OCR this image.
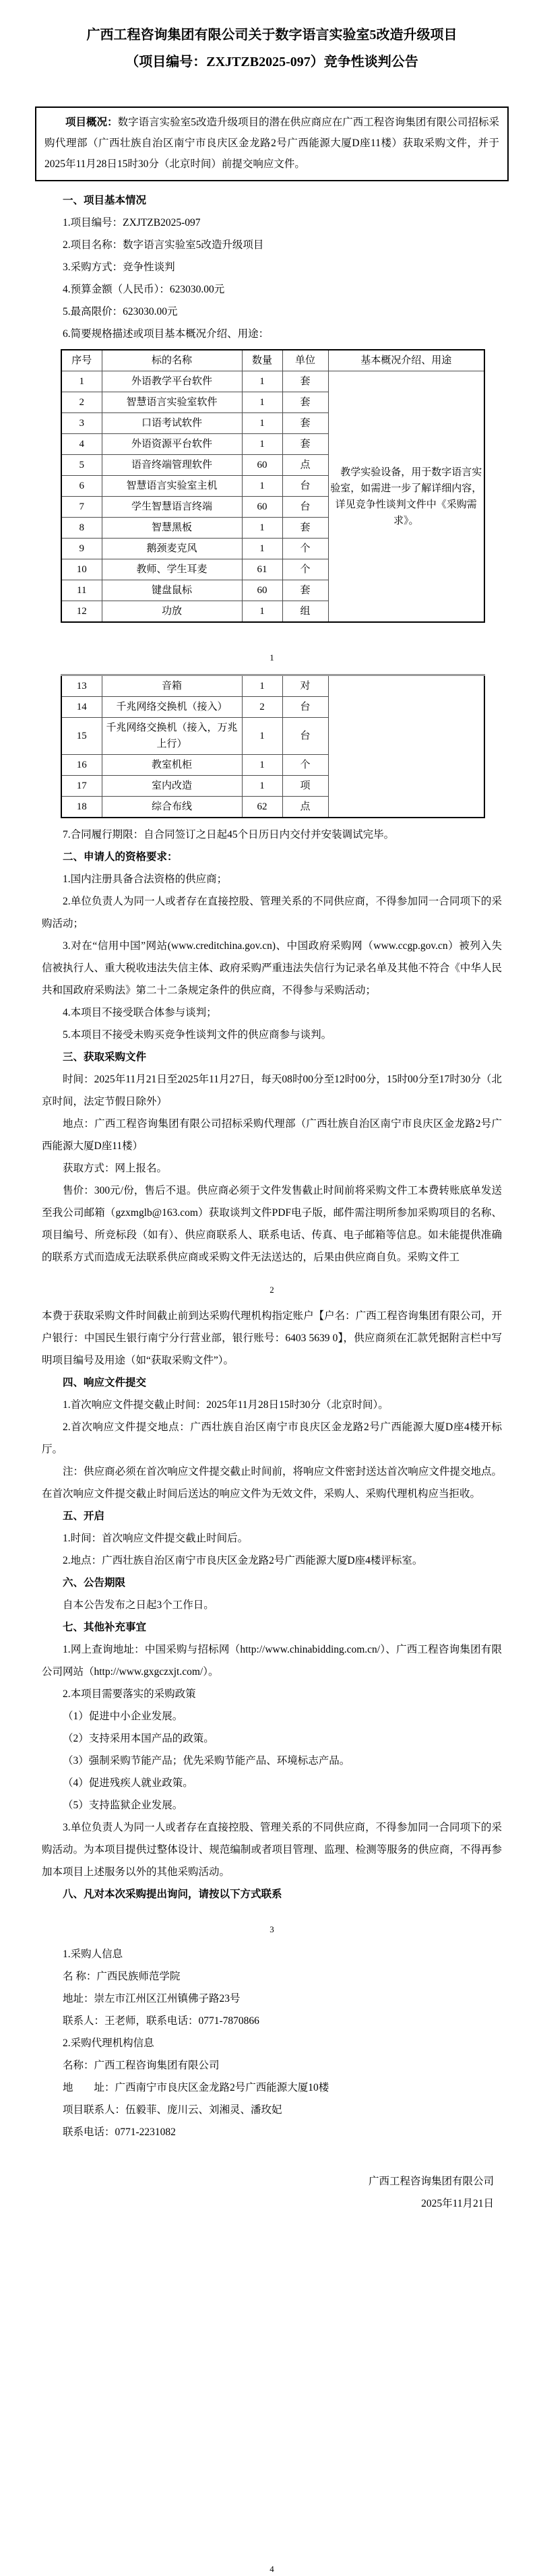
广西工程咨询集团有限公司关于数字语言实验室5改造升级项目
（项目编号：ZXJTZB2025-097）竞争性谈判公告

项目概况：数字语言实验室5改造升级项目的潜在供应商应在广西工程咨询集团有限公司招标采购代理部（广西壮族自治区南宁市良庆区金龙路2号广西能源大厦D座11楼）获取采购文件，并于2025年11月28日15时30分（北京时间）前提交响应文件。

一、项目基本情况

1.项目编号：ZXJTZB2025-097

2.项目名称：数字语言实验室5改造升级项目

3.采购方式：竞争性谈判

4.预算金额（人民币）：623030.00元

5.最高限价：623030.00元

6.简要规格描述或项目基本概况介绍、用途：

序号	标的名称	数量	单位	基本概况介绍、用途
1	外语教学平台软件	1	套	教学实验设备，用于数字语言实验室，如需进一步了解详细内容，详见竞争性谈判文件中《采购需求》。
2	智慧语言实验室软件	1	套	
3	口语考试软件	1	套	
4	外语资源平台软件	1	套	
5	语音终端管理软件	60	点	
6	智慧语言实验室主机	1	台	
7	学生智慧语言终端	60	台	
8	智慧黑板	1	套	
9	鹅颈麦克风	1	个	
10	教师、学生耳麦	61	个	
11	键盘鼠标	60	套	
12	功放	1	组	

1

13	音箱	1	对	
14	千兆网络交换机（接入）	2	台	
15	千兆网络交换机（接入，万兆上行）	1	台	
16	教室机柜	1	个	
17	室内改造	1	项	
18	综合布线	62	点	

7.合同履行期限：自合同签订之日起45个日历日内交付并安装调试完毕。

二、申请人的资格要求：

1.国内注册具备合法资格的供应商；

2.单位负责人为同一人或者存在直接控股、管理关系的不同供应商，不得参加同一合同项下的采购活动；

3.对在“信用中国”网站(www.creditchina.gov.cn)、中国政府采购网（www.ccgp.gov.cn）被列入失信被执行人、重大税收违法失信主体、政府采购严重违法失信行为记录名单及其他不符合《中华人民共和国政府采购法》第二十二条规定条件的供应商，不得参与采购活动；

4.本项目不接受联合体参与谈判；

5.本项目不接受未购买竞争性谈判文件的供应商参与谈判。

三、获取采购文件

时间：2025年11月21日至2025年11月27日，每天08时00分至12时00分，15时00分至17时30分（北京时间，法定节假日除外）

地点：广西工程咨询集团有限公司招标采购代理部（广西壮族自治区南宁市良庆区金龙路2号广西能源大厦D座11楼）

获取方式：网上报名。

售价：300元/份，售后不退。供应商必须于文件发售截止时间前将采购文件工本费转账底单发送至我公司邮箱（gzxmglb@163.com）获取谈判文件PDF电子版，邮件需注明所参加采购项目的名称、项目编号、所竞标段（如有）、供应商联系人、联系电话、传真、电子邮箱等信息。如未能提供准确的联系方式而造成无法联系供应商或采购文件无法送达的，后果由供应商自负。采购文件工

2

本费于获取采购文件时间截止前到达采购代理机构指定账户【户名：广西工程咨询集团有限公司，开户银行：中国民生银行南宁分行营业部，银行账号：6403 5639 0】，供应商须在汇款凭据附言栏中写明项目编号及用途（如“获取采购文件”）。

四、响应文件提交

1.首次响应文件提交截止时间：2025年11月28日15时30分（北京时间）。

2.首次响应文件提交地点：广西壮族自治区南宁市良庆区金龙路2号广西能源大厦D座4楼开标厅。

注：供应商必须在首次响应文件提交截止时间前，将响应文件密封送达首次响应文件提交地点。在首次响应文件提交截止时间后送达的响应文件为无效文件，采购人、采购代理机构应当拒收。

五、开启

1.时间：首次响应文件提交截止时间后。

2.地点：广西壮族自治区南宁市良庆区金龙路2号广西能源大厦D座4楼评标室。

六、公告期限

自本公告发布之日起3个工作日。

七、其他补充事宜

1.网上查询地址：中国采购与招标网（http://www.chinabidding.com.cn/）、广西工程咨询集团有限公司网站（http://www.gxgczxjt.com/）。

2.本项目需要落实的采购政策

（1）促进中小企业发展。

（2）支持采用本国产品的政策。

（3）强制采购节能产品；优先采购节能产品、环境标志产品。

（4）促进残疾人就业政策。

（5）支持监狱企业发展。

3.单位负责人为同一人或者存在直接控股、管理关系的不同供应商，不得参加同一合同项下的采购活动。为本项目提供过整体设计、规范编制或者项目管理、监理、检测等服务的供应商，不得再参加本项目上述服务以外的其他采购活动。

八、凡对本次采购提出询问，请按以下方式联系

3

1.采购人信息

名 称：广西民族师范学院

地址：崇左市江州区江州镇佛子路23号

联系人：王老师，联系电话：0771-7870866

2.采购代理机构信息

名称：广西工程咨询集团有限公司

地　　址：广西南宁市良庆区金龙路2号广西能源大厦10楼

项目联系人：伍毅菲、庞川云、刘湘灵、潘玫妃

联系电话：0771-2231082

广西工程咨询集团有限公司

2025年11月21日

4
